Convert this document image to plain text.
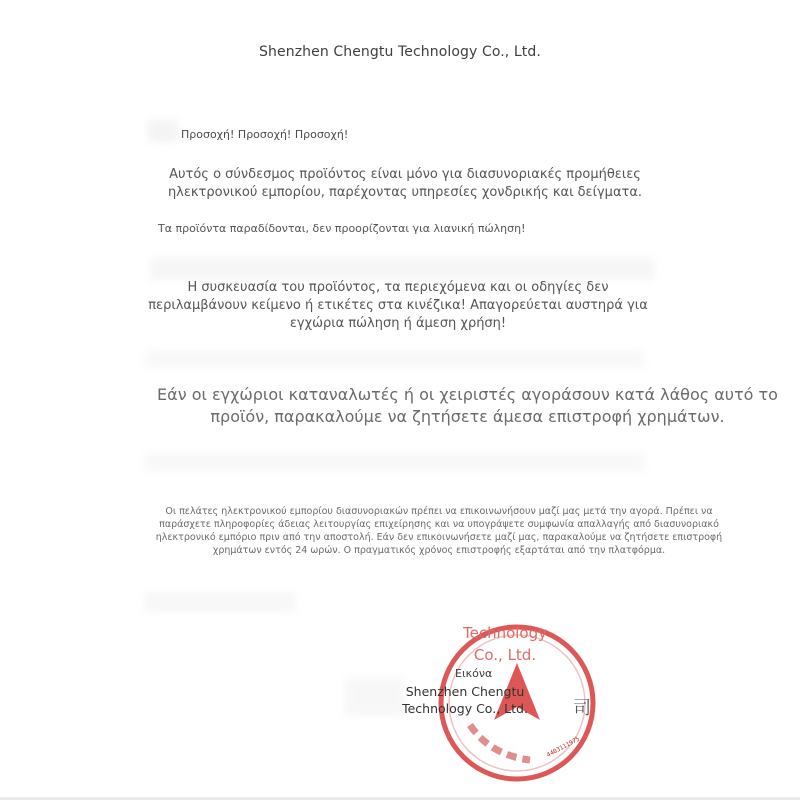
Shenzhen Chengtu Technology Co., Ltd.
Προσοχή! Προσοχή! Προσοχή!
Αυτός ο σύνδεσμος προϊόντος είναι μόνο για διασυνοριακές προμήθειες ηλεκτρονικού εμπορίου, παρέχοντας υπηρεσίες χονδρικής και δείγματα.
Τα προϊόντα παραδίδονται, δεν προορίζονται για λιανική πώληση!
Η συσκευασία του προϊόντος, τα περιεχόμενα και οι οδηγίες δεν περιλαμβάνουν κείμενο ή ετικέτες στα κινέζικα! Απαγορεύεται αυστηρά για εγχώρια πώληση ή άμεση χρήση!
Εάν οι εγχώριοι καταναλωτές ή οι χειριστές αγοράσουν κατά λάθος αυτό το προϊόν, παρακαλούμε να ζητήσετε άμεσα επιστροφή χρημάτων.
Οι πελάτες ηλεκτρονικού εμπορίου διασυνοριακών πρέπει να επικοινωνήσουν μαζί μας μετά την αγορά. Πρέπει να παράσχετε πληροφορίες άδειας λειτουργίας επιχείρησης και να υπογράψετε συμφωνία απαλλαγής από διασυνοριακό ηλεκτρονικό εμπόριο πριν από την αποστολή. Εάν δεν επικοινωνήσετε μαζί μας, παρακαλούμε να ζητήσετε επιστροφή χρημάτων εντός 24 ωρών. Ο πραγματικός χρόνος επιστροφής εξαρτάται από την πλατφόρμα.
4403111975
Technology
Co., Ltd.
Εικόνα
Shenzhen Chengtu
Technology Co., Ltd.	司
